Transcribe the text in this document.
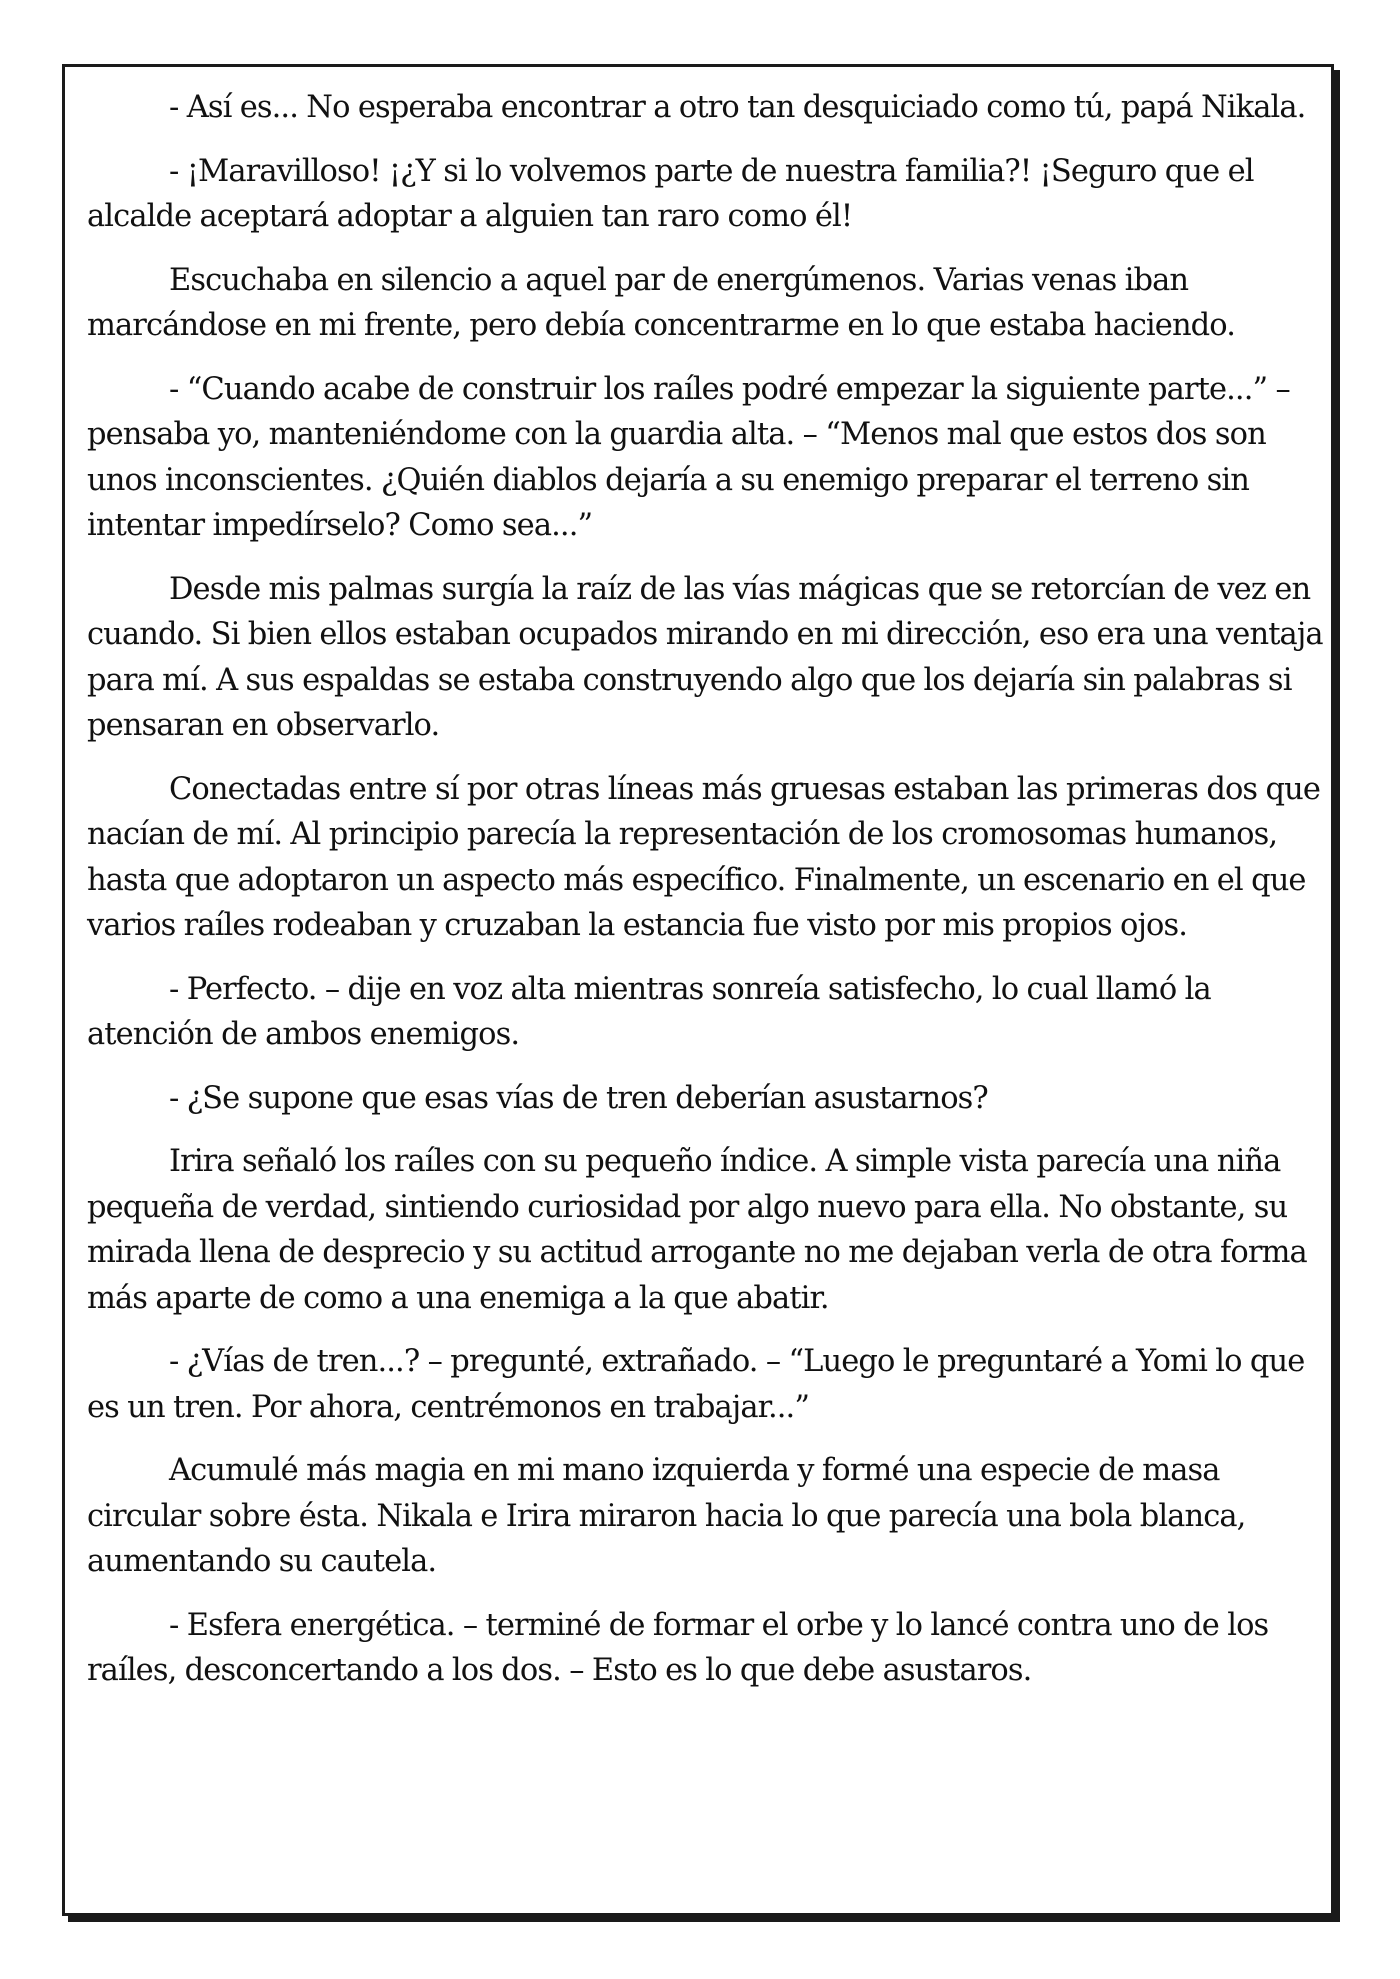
- Así es... No esperaba encontrar a otro tan desquiciado como tú, papá Nikala.

- ¡Maravilloso! ¡¿Y si lo volvemos parte de nuestra familia?! ¡Seguro que el alcalde aceptará adoptar a alguien tan raro como él!

Escuchaba en silencio a aquel par de energúmenos. Varias venas iban marcándose en mi frente, pero debía concentrarme en lo que estaba haciendo.

- “Cuando acabe de construir los raíles podré empezar la siguiente parte...” – pensaba yo, manteniéndome con la guardia alta. – “Menos mal que estos dos son unos inconscientes. ¿Quién diablos dejaría a su enemigo preparar el terreno sin intentar impedírselo? Como sea...”

Desde mis palmas surgía la raíz de las vías mágicas que se retorcían de vez en cuando. Si bien ellos estaban ocupados mirando en mi dirección, eso era una ventaja para mí. A sus espaldas se estaba construyendo algo que los dejaría sin palabras si pensaran en observarlo.

Conectadas entre sí por otras líneas más gruesas estaban las primeras dos que nacían de mí. Al principio parecía la representación de los cromosomas humanos, hasta que adoptaron un aspecto más específico. Finalmente, un escenario en el que varios raíles rodeaban y cruzaban la estancia fue visto por mis propios ojos.

- Perfecto. – dije en voz alta mientras sonreía satisfecho, lo cual llamó la atención de ambos enemigos.

- ¿Se supone que esas vías de tren deberían asustarnos?

Irira señaló los raíles con su pequeño índice. A simple vista parecía una niña pequeña de verdad, sintiendo curiosidad por algo nuevo para ella. No obstante, su mirada llena de desprecio y su actitud arrogante no me dejaban verla de otra forma más aparte de como a una enemiga a la que abatir.

- ¿Vías de tren...? – pregunté, extrañado. – “Luego le preguntaré a Yomi lo que es un tren. Por ahora, centrémonos en trabajar...”

Acumulé más magia en mi mano izquierda y formé una especie de masa circular sobre ésta. Nikala e Irira miraron hacia lo que parecía una bola blanca, aumentando su cautela.

- Esfera energética. – terminé de formar el orbe y lo lancé contra uno de los raíles, desconcertando a los dos. – Esto es lo que debe asustaros.
